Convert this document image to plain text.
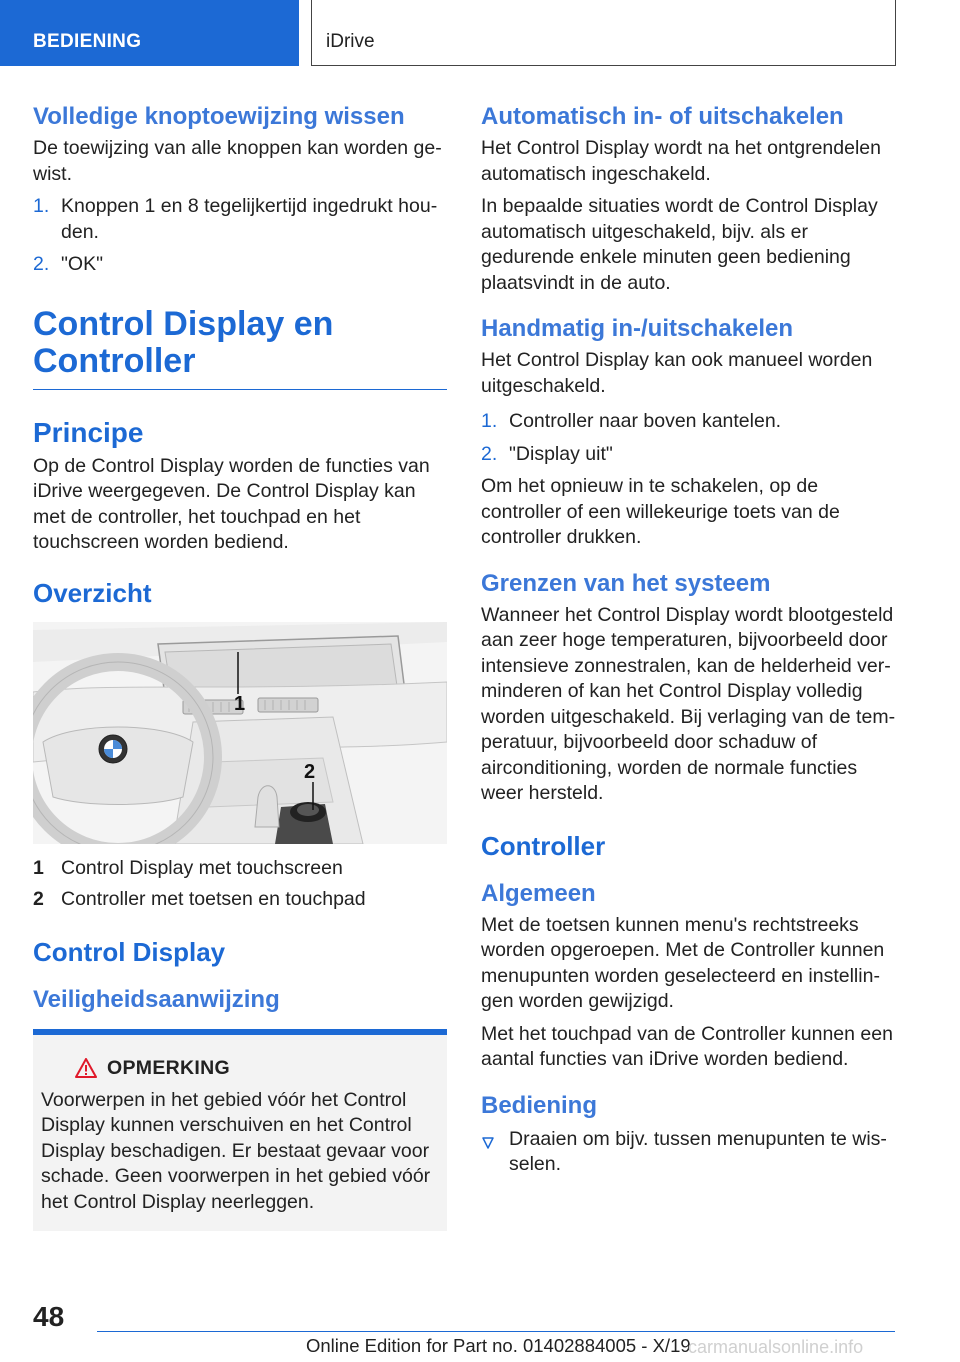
BEDIENING	iDrive
Volledige knoptoewijzing wissen

De toewijzing van alle knoppen kan worden gewist.

1. Knoppen 1 en 8 tegelijkertijd ingedrukt houden.
2. "OK"
Control Display en
Controller
Principe

Op de Control Display worden de functies van iDrive weergegeven. De Control Display kan met de controller, het touchpad en het touchscreen worden bediend.

Overzicht
1
2
1 Control Display met touchscreen
2 Controller met toetsen en touchpad
Control Display
Veiligheidsaanwijzing
OPMERKING

Voorwerpen in het gebied vóór het Control Display kunnen verschuiven en het Control Display beschadigen. Er bestaat gevaar voor schade. Geen voorwerpen in het gebied vóór het Control Display neerleggen.

Automatisch in- of uitschakelen

Het Control Display wordt na het ontgrendelen automatisch ingeschakeld.

In bepaalde situaties wordt de Control Display automatisch uitgeschakeld, bijv. als er gedurende enkele minuten geen bediening plaatsvindt in de auto.

Handmatig in-/uitschakelen

Het Control Display kan ook manueel worden uitgeschakeld.

1. Controller naar boven kantelen.
2. "Display uit"

Om het opnieuw in te schakelen, op de controller of een willekeurige toets van de controller drukken.

Grenzen van het systeem

Wanneer het Control Display wordt blootgesteld aan zeer hoge temperaturen, bijvoorbeeld door intensieve zonnestralen, kan de helderheid verminderen of kan het Control Display volledig worden uitgeschakeld. Bij verlaging van de temperatuur, bijvoorbeeld door schaduw of airconditioning, worden de normale functies weer hersteld.

Controller
Algemeen

Met de toetsen kunnen menu's rechtstreeks worden opgeroepen. Met de Controller kunnen menupunten worden geselecteerd en instellingen worden gewijzigd.

Met het touchpad van de Controller kunnen een aantal functies van iDrive worden bediend.

Bediening
Draaien om bijv. tussen menupunten te wisselen.
48
Online Edition for Part no. 01402884005 - X/19
carmanualsonline.info
